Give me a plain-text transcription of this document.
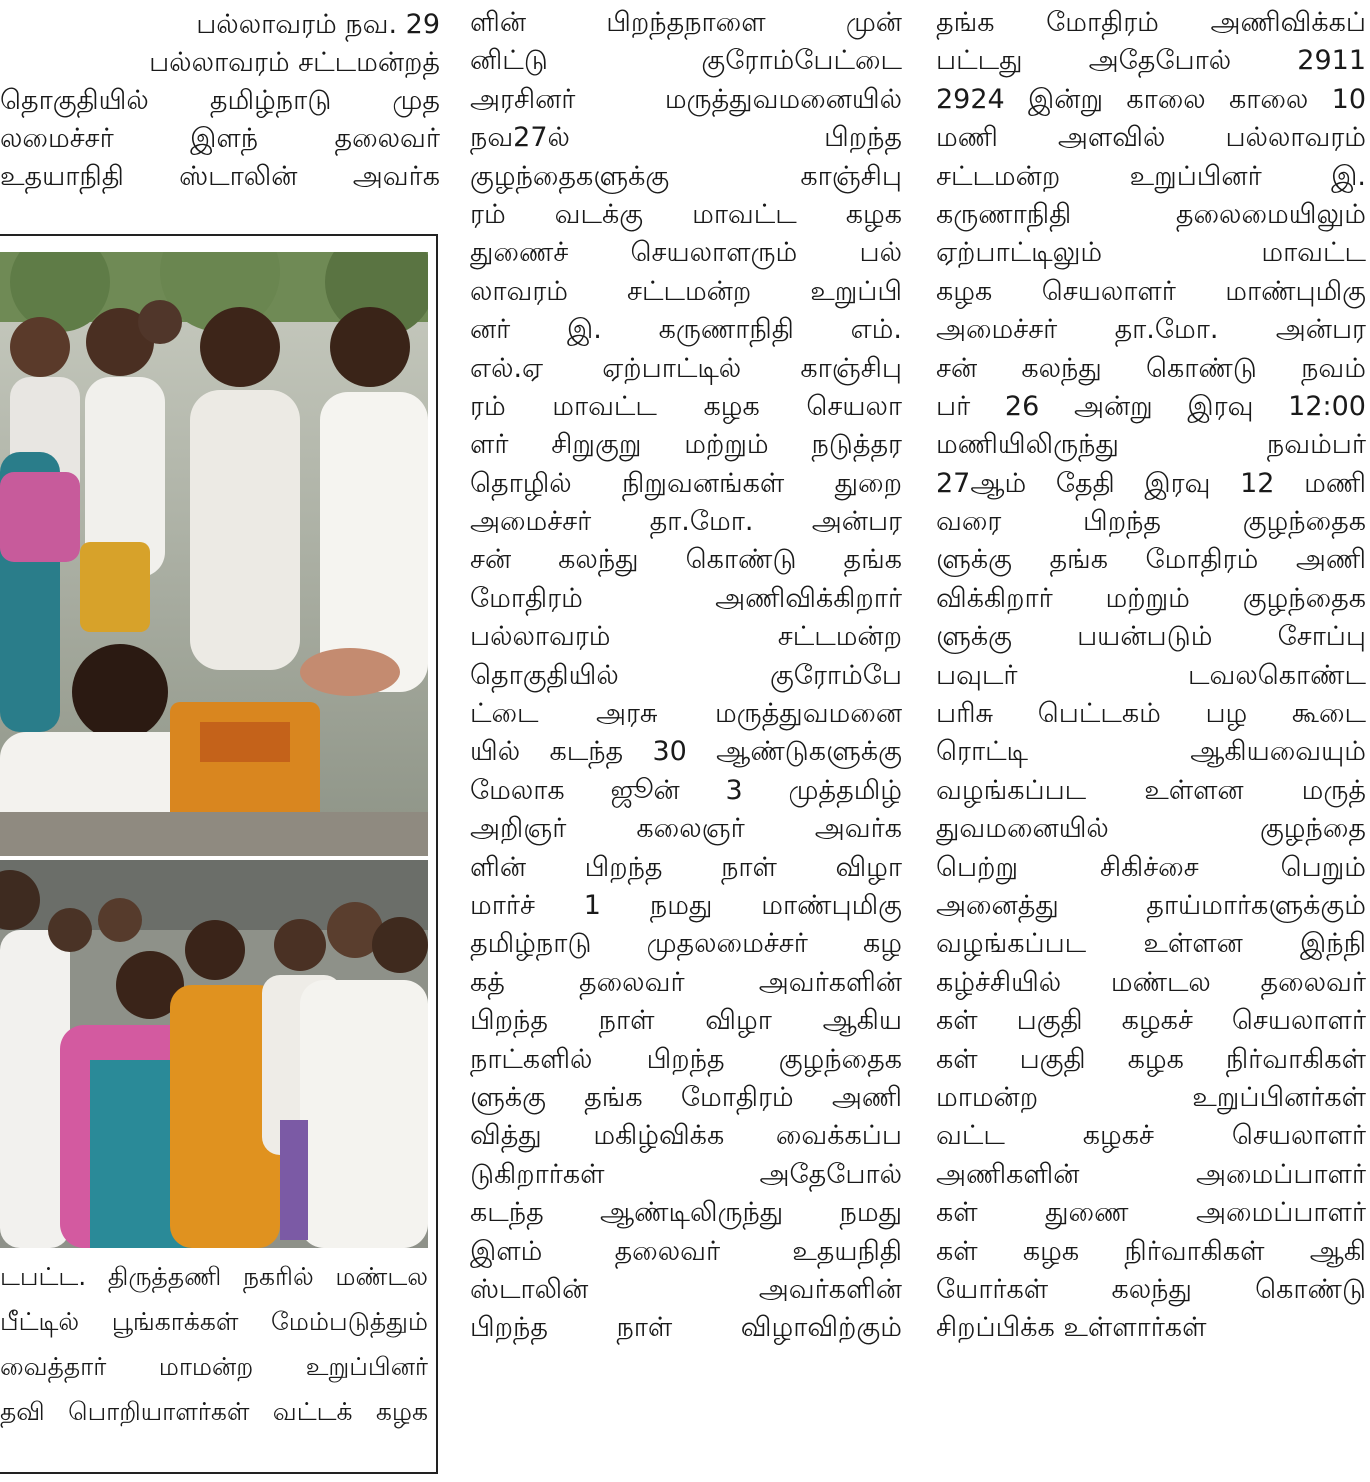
பல்லாவரம் நவ. 29
பல்லாவரம் சட்டமன்றத்
தொகுதியில் தமிழ்நாடு முத
லமைச்சர் இளந் தலைவர்
உதயாநிதி ஸ்டாலின் அவர்க
டபட்ட. திருத்தணி நகரில் மண்டல
பீட்டில் பூங்காக்கள் மேம்படுத்தும்
வைத்தார் மாமன்ற உறுப்பினர்
தவி பொறியாளர்கள் வட்டக் கழக
ளின் பிறந்தநாளை முன்
னிட்டு குரோம்பேட்டை
அரசினர் மருத்துவமனையில்
நவ27ல் பிறந்த
குழந்தைகளுக்கு காஞ்சிபு
ரம் வடக்கு மாவட்ட கழக
துணைச் செயலாளரும் பல்
லாவரம் சட்டமன்ற உறுப்பி
னர் இ. கருணாநிதி எம்.
எல்.ஏ ஏற்பாட்டில் காஞ்சிபு
ரம் மாவட்ட கழக செயலா
ளர் சிறுகுறு மற்றும் நடுத்தர
தொழில் நிறுவனங்கள் துறை
அமைச்சர் தா.மோ. அன்பர
சன் கலந்து கொண்டு தங்க
மோதிரம் அணிவிக்கிறார்
பல்லாவரம் சட்டமன்ற
தொகுதியில் குரோம்பே
ட்டை அரசு மருத்துவமனை
யில் கடந்த 30 ஆண்டுகளுக்கு
மேலாக ஜூன் 3 முத்தமிழ்
அறிஞர் கலைஞர் அவர்க
ளின் பிறந்த நாள் விழா
மார்ச் 1 நமது மாண்புமிகு
தமிழ்நாடு முதலமைச்சர் கழ
கத் தலைவர் அவர்களின்
பிறந்த நாள் விழா ஆகிய
நாட்களில் பிறந்த குழந்தைக
ளுக்கு தங்க மோதிரம் அணி
வித்து மகிழ்விக்க வைக்கப்ப
டுகிறார்கள் அதேபோல்
கடந்த ஆண்டிலிருந்து நமது
இளம் தலைவர் உதயநிதி
ஸ்டாலின் அவர்களின்
பிறந்த நாள் விழாவிற்கும்
தங்க மோதிரம் அணிவிக்கப்
பட்டது அதேபோல் 2911
2924 இன்று காலை காலை 10
மணி அளவில் பல்லாவரம்
சட்டமன்ற உறுப்பினர் இ.
கருணாநிதி தலைமையிலும்
ஏற்பாட்டிலும் மாவட்ட
கழக செயலாளர் மாண்புமிகு
அமைச்சர் தா.மோ. அன்பர
சன் கலந்து கொண்டு நவம்
பர் 26 அன்று இரவு 12:00
மணியிலிருந்து நவம்பர்
27ஆம் தேதி இரவு 12 மணி
வரை பிறந்த குழந்தைக
ளுக்கு தங்க மோதிரம் அணி
விக்கிறார் மற்றும் குழந்தைக
ளுக்கு பயன்படும் சோப்பு
பவுடர் டவலகொண்ட
பரிசு பெட்டகம் பழ கூடை
ரொட்டி ஆகியவையும்
வழங்கப்பட உள்ளன மருத்
துவமனையில் குழந்தை
பெற்று சிகிச்சை பெறும்
அனைத்து தாய்மார்களுக்கும்
வழங்கப்பட உள்ளன இந்நி
கழ்ச்சியில் மண்டல தலைவர்
கள் பகுதி கழகச் செயலாளர்
கள் பகுதி கழக நிர்வாகிகள்
மாமன்ற உறுப்பினர்கள்
வட்ட கழகச் செயலாளர்
அணிகளின் அமைப்பாளர்
கள் துணை அமைப்பாளர்
கள் கழக நிர்வாகிகள் ஆகி
யோர்கள் கலந்து கொண்டு
சிறப்பிக்க உள்ளார்கள்
